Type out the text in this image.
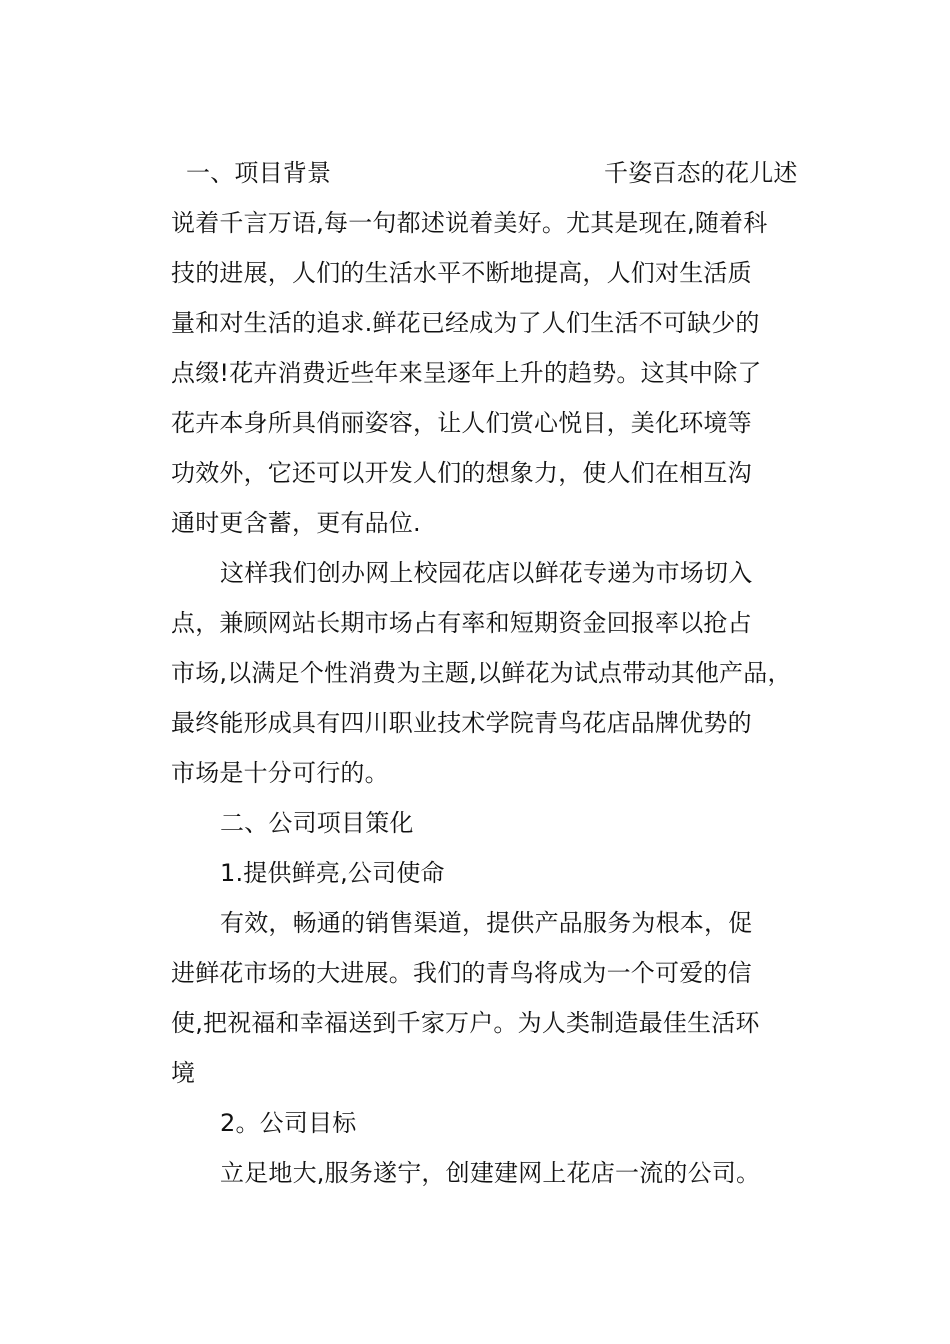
一、项目背景	千姿百态的花儿述
说着千言万语,每一句都述说着美好。尤其是现在,随着科
技的进展，人们的生活水平不断地提高，人们对生活质
量和对生活的追求.鲜花已经成为了人们生活不可缺少的
点缀!花卉消费近些年来呈逐年上升的趋势。这其中除了
花卉本身所具俏丽姿容，让人们赏心悦目，美化环境等
功效外，它还可以开发人们的想象力，使人们在相互沟
通时更含蓄，更有品位.
这样我们创办网上校园花店以鲜花专递为市场切入
点，兼顾网站长期市场占有率和短期资金回报率以抢占
市场,以满足个性消费为主题,以鲜花为试点带动其他产品，
最终能形成具有四川职业技术学院青鸟花店品牌优势的
市场是十分可行的。
二、公司项目策化
1.提供鲜亮,公司使命
有效，畅通的销售渠道，提供产品服务为根本，促
进鲜花市场的大进展。我们的青鸟将成为一个可爱的信
使,把祝福和幸福送到千家万户。为人类制造最佳生活环
境
2。公司目标
立足地大,服务遂宁，创建建网上花店一流的公司。
